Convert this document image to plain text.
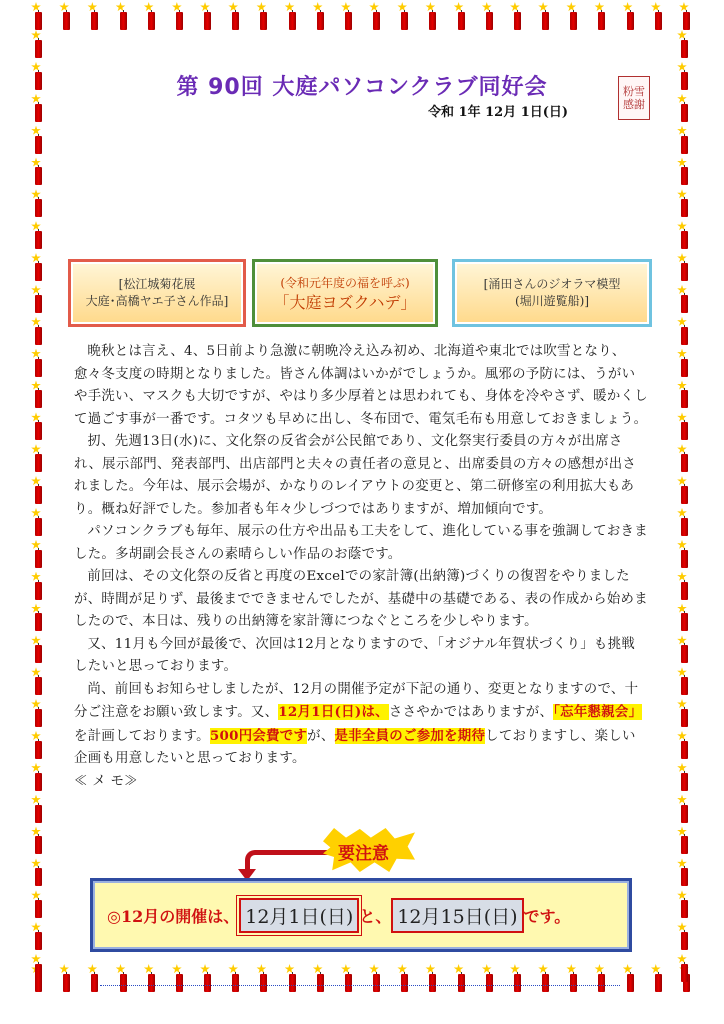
第 90回 大庭パソコンクラブ同好会
令和 1年 12月 1日(日)
粉雪感謝
[松江城菊花展
大庭･高橋ヤエ子さん作品]
(令和元年度の福を呼ぶ)
「大庭ヨズクハデ」
[涌田さんのジオラマ模型
(堀川遊覧船)]

晩秋とは言え、4、5日前より急激に朝晩冷え込み初め、北海道や東北では吹雪となり、愈々冬支度の時期となりました。皆さん体調はいかがでしょうか。風邪の予防には、うがいや手洗い、マスクも大切ですが、やはり多少厚着とは思われても、身体を冷やさず、暖かくして過ごす事が一番です。コタツも早めに出し、冬布団で、電気毛布も用意しておきましょう。

扨、先週13日(水)に、文化祭の反省会が公民館であり、文化祭実行委員の方々が出席され、展示部門、発表部門、出店部門と夫々の責任者の意見と、出席委員の方々の感想が出されました。今年は、展示会場が、かなりのレイアウトの変更と、第二研修室の利用拡大もあり。概ね好評でした。参加者も年々少しづつではありますが、増加傾向です。

パソコンクラブも毎年、展示の仕方や出品も工夫をして、進化している事を強調しておきました。多胡副会長さんの素晴らしい作品のお蔭です。

前回は、その文化祭の反省と再度のExcelでの家計簿(出納簿)づくりの復習をやりましたが、時間が足りず、最後までできませんでしたが、基礎中の基礎である、表の作成から始めましたので、本日は、残りの出納簿を家計簿につなぐところを少しやります。

又、11月も今回が最後で、次回は12月となりますので、「オジナル年賀状づくり」も挑戦したいと思っております。

尚、前回もお知らせしましたが、12月の開催予定が下記の通り、変更となりますので、十分ご注意をお願い致します。又、12月1日(日)は、ささやかではありますが、「忘年懇親会」を計画しております。500円会費ですが、是非全員のご参加を期待しておりますし、楽しい企画も用意したいと思っております。

≪ メ モ≫

要注意
◎12月の開催は、 12月1日(日) と、 12月15日(日) です。
